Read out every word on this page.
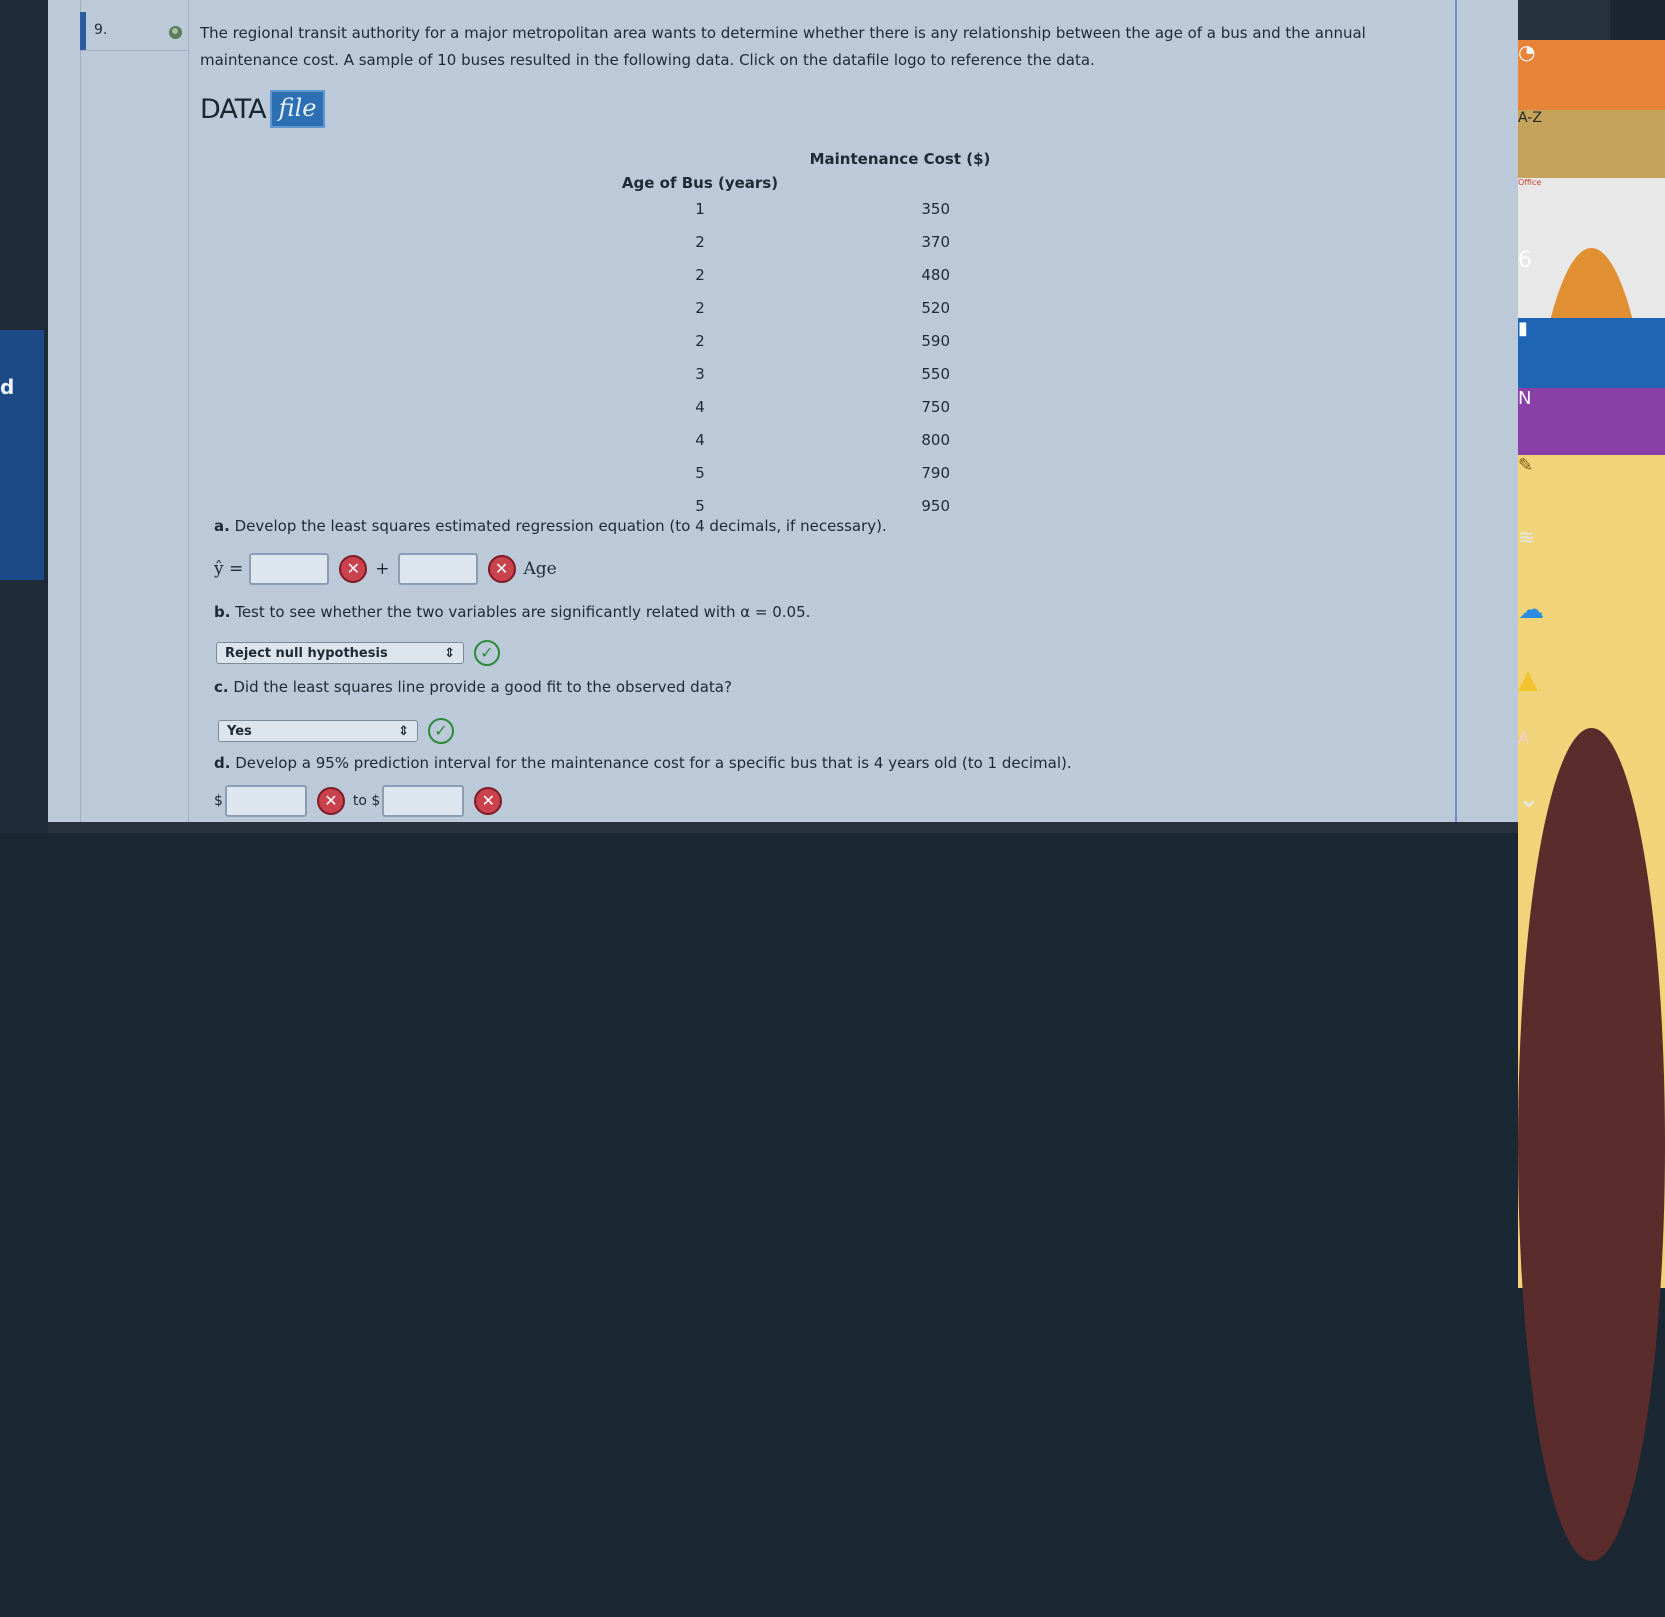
d
9.	The regional transit authority for a major metropolitan area wants to determine whether there is any relationship between the age of a bus and the annual maintenance cost. A sample of 10 buses resulted in the following data. Click on the datafile logo to reference the data.

DATA file
Age of Bus (years)	Maintenance Cost ($)
1	350
2	370
2	480
2	520
2	590
3	550
4	750
4	800
5	790
5	950
a. Develop the least squares estimated regression equation (to 4 decimals, if necessary).
ŷ =	✕ +	✕ Age
b. Test to see whether the two variables are significantly related with α = 0.05.
Reject null hypothesis	⇕	✓
c. Did the least squares line provide a good fit to the observed data?
Yes	⇕	✓
d. Develop a 95% prediction interval for the maintenance cost for a specific bus that is 4 years old (to 1 decimal).
$	✕	to $	✕
◔
A-Z
Office
▮
N
✎
≋
☁
▲
⌄
